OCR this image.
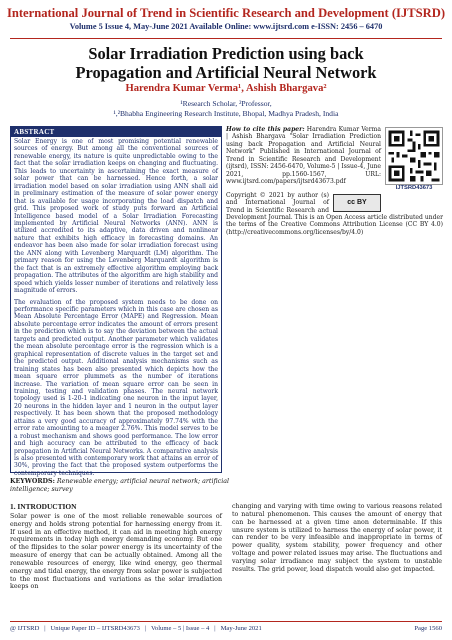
International Journal of Trend in Scientific Research and Development (IJTSRD)
Volume 5 Issue 4, May-June 2021 Available Online: www.ijtsrd.com e-ISSN: 2456 – 6470
Solar Irradiation Prediction using back
Propagation and Artificial Neural Network
Harendra Kumar Verma¹, Ashish Bhargava²
¹Research Scholar, ²Professor,
¹,²Bhabha Engineering Research Institute, Bhopal, Madhya Pradesh, India
ABSTRACT

Solar Energy is one of most promising potential renewable sources of energy. But among all the conventional sources of renewable energy, its nature is quite unpredictable owing to the fact that the solar irradiation keeps on changing and fluctuating. This leads to uncertainty in ascertaining the exact measure of solar power that can be harnessed. Hence forth, a solar irradiation model based on solar irradiation using ANN shall aid in preliminary estimation of the measure of solar power energy that is available for usage incorporating the load dispatch and grid. This proposed work of study puts forward an Artificial Intelligence based model of a Solar Irradiation Forecasting implemented by Artificial Neural Networks (ANN). ANN is utilized accredited to its adaptive, data driven and nonlinear nature that exhibits high efficacy in forecasting domains. An endeavor has been also made for solar irradiation forecast using the ANN along with Levenberg Marquardt (LM) algorithm. The primary reason for using the Levenberg Marquardt algorithm is the fact that is an extremely effective algorithm employing back propagation. The attributes of the algorithm are high stability and speed which yields lesser number of iterations and relatively less magnitude of errors.

The evaluation of the proposed system needs to be done on performance specific parameters which in this case are chosen as Mean Absolute Percentage Error (MAPE) and Regression. Mean absolute percentage error indicates the amount of errors present in the prediction which is to say the deviation between the actual targets and predicted output. Another parameter which validates the mean absolute percentage error is the regression which is a graphical representation of discrete values in the target set and the predicted output. Additional analysis mechanisms such as training states has been also presented which depicts how the mean square error plummets as the number of iterations increase. The variation of mean square error can be seen in training, testing and validation phases. The neural network topology used is 1-20-1 indicating one neuron in the input layer, 20 neurons in the hidden layer and 1 neuron in the output layer respectively. It has been shown that the proposed methodology attains a very good accuracy of approximately 97.74% with the error rate amounting to a meager 2.76%. This model serves to be a robust mechanism and shows good performance. The low error and high accuracy can be attributed to the efficacy of back propagation in Artificial Neural Networks. A comparative analysis is also presented with contemporary work that attains an error of 30%, proving the fact that the proposed system outperforms the contemporary techniques.

IJTSRD43673
How to cite this paper: Harendra Kumar Verma | Ashish Bhargava "Solar Irradiation Prediction using back Propagation and Artificial Neural Network" Published in International Journal of Trend in Scientific Research and Development (ijtsrd), ISSN: 2456-6470, Volume-5 | Issue-4, June 2021, pp.1560-1567, URL: www.ijtsrd.com/papers/ijtsrd43673.pdf
cc BY
Copyright © 2021 by author (s) and International Journal of Trend in Scientific Research and Development Journal. This is an Open Access article distributed under the terms of the Creative Commons Attribution License (CC BY 4.0) (http://creativecommons.org/licenses/by/4.0)
KEYWORDS: Renewable energy; artificial neural network; artificial intelligence; survey
1. INTRODUCTION
Solar power is one of the most reliable renewable sources of energy and holds strong potential for harnessing energy from it. If used in an effective method, it can aid in meeting high energy requirements in today high energy demanding economy. But one of the flipsides to the solar power energy is its uncertainty of the measure of energy that can be actually obtained. Among all the renewable resources of energy, like wind energy, geo thermal energy and tidal energy, the energy from solar power is subjected to the most fluctuations and variations as the solar irradiation keeps on
changing and varying with time owing to various reasons related to natural phenomenon. This causes the amount of energy that can be harnessed at a given time anon determinable. If this unsure system is utilized to harness the energy of solar power, it can render to be very infeasible and inappropriate in terms of power quality, system stability, power frequency and other voltage and power related issues may arise. The fluctuations and varying solar irradiance may subject the system to unstable results. The grid power, load dispatch would also get impacted.
@ IJTSRD   |   Unique Paper ID – IJTSRD43673   |   Volume – 5 | Issue – 4   |   May-June 2021	Page 1560
